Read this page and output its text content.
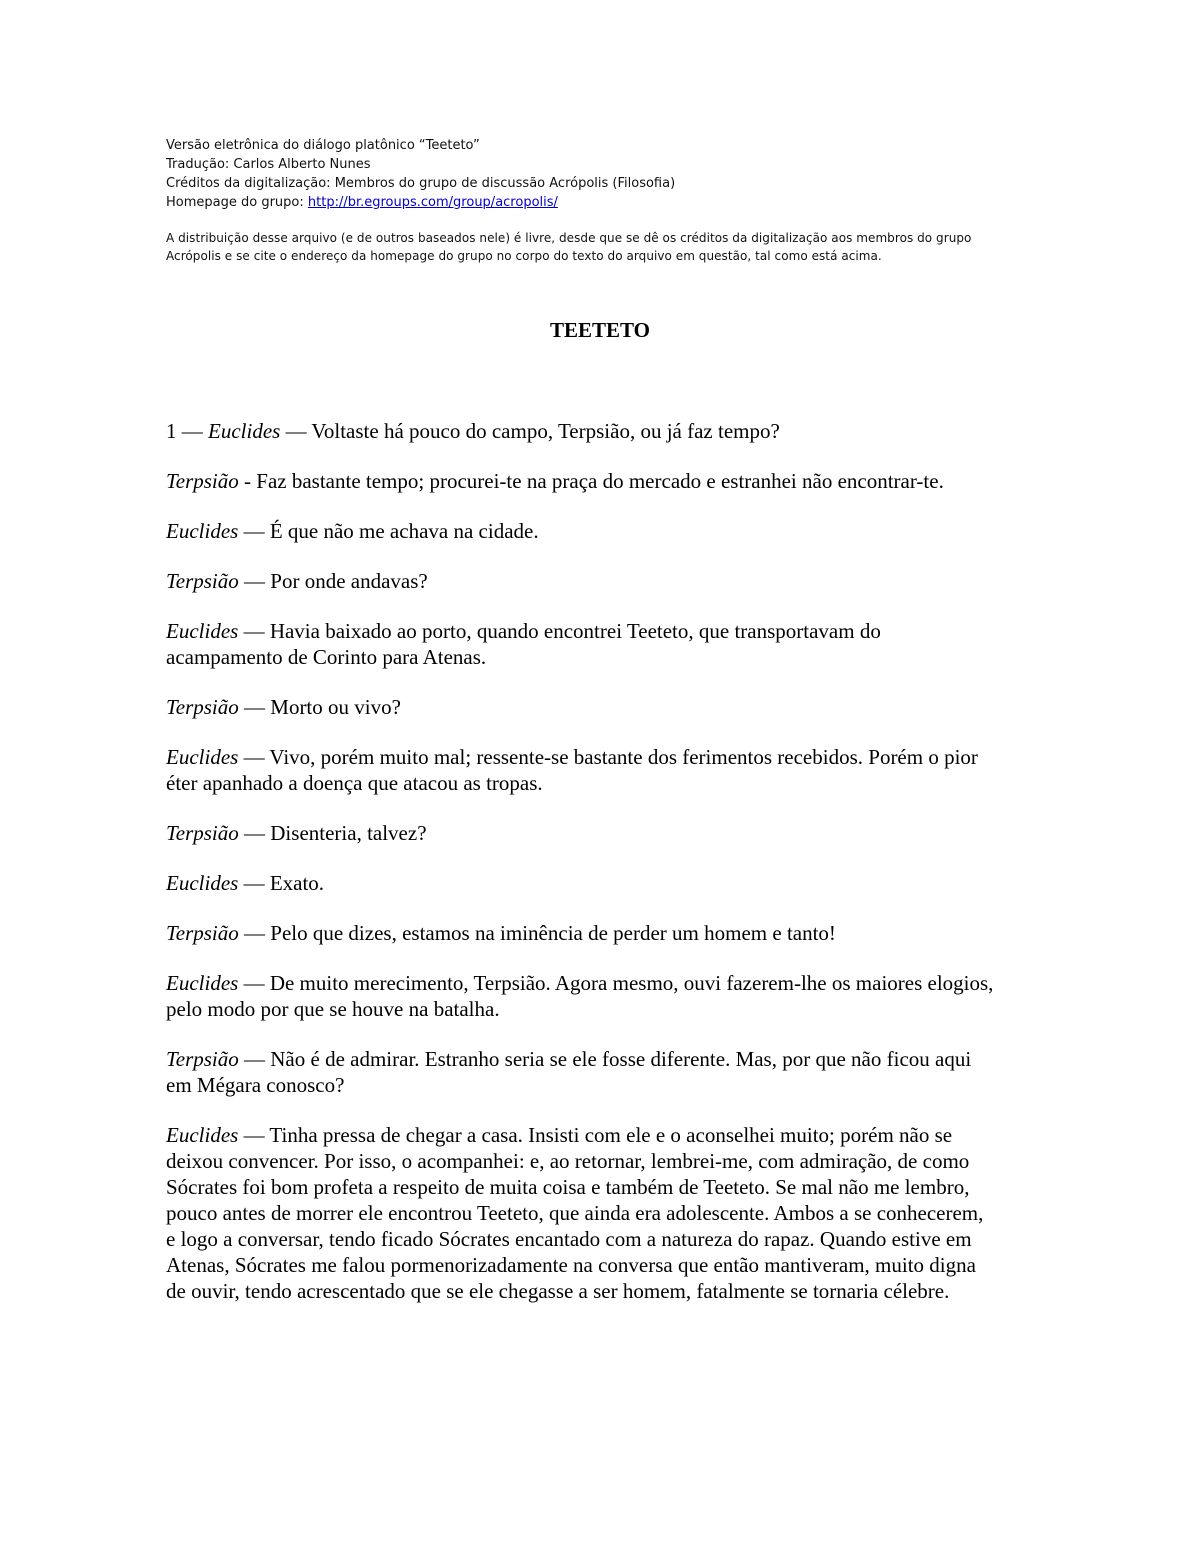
Versão eletrônica do diálogo platônico “Teeteto”
Tradução: Carlos Alberto Nunes
Créditos da digitalização: Membros do grupo de discussão Acrópolis (Filosofia)
Homepage do grupo: http://br.egroups.com/group/acropolis/
A distribuição desse arquivo (e de outros baseados nele) é livre, desde que se dê os créditos da digitalização aos membros do grupo
Acrópolis e se cite o endereço da homepage do grupo no corpo do texto do arquivo em questão, tal como está acima.
TEETETO

1 — Euclides — Voltaste há pouco do campo, Terpsião, ou já faz tempo?

Terpsião - Faz bastante tempo; procurei-te na praça do mercado e estranhei não encontrar-te.

Euclides — É que não me achava na cidade.

Terpsião — Por onde andavas?

Euclides — Havia baixado ao porto, quando encontrei Teeteto, que transportavam do acampamento de Corinto para Atenas.

Terpsião — Morto ou vivo?

Euclides — Vivo, porém muito mal; ressente-se bastante dos ferimentos recebidos. Porém o pior éter apanhado a doença que atacou as tropas.

Terpsião — Disenteria, talvez?

Euclides — Exato.

Terpsião — Pelo que dizes, estamos na iminência de perder um homem e tanto!

Euclides — De muito merecimento, Terpsião. Agora mesmo, ouvi fazerem-lhe os maiores elogios, pelo modo por que se houve na batalha.

Terpsião — Não é de admirar. Estranho seria se ele fosse diferente. Mas, por que não ficou aqui em Mégara conosco?

Euclides — Tinha pressa de chegar a casa. Insisti com ele e o aconselhei muito; porém não se deixou convencer. Por isso, o acompanhei: e, ao retornar, lembrei-me, com admiração, de como Sócrates foi bom profeta a respeito de muita coisa e também de Teeteto. Se mal não me lembro, pouco antes de morrer ele encontrou Teeteto, que ainda era adolescente. Ambos a se conhecerem, e logo a conversar, tendo ficado Sócrates encantado com a natureza do rapaz. Quando estive em Atenas, Sócrates me falou pormenorizadamente na conversa que então mantiveram, muito digna de ouvir, tendo acrescentado que se ele chegasse a ser homem, fatalmente se tornaria célebre.
